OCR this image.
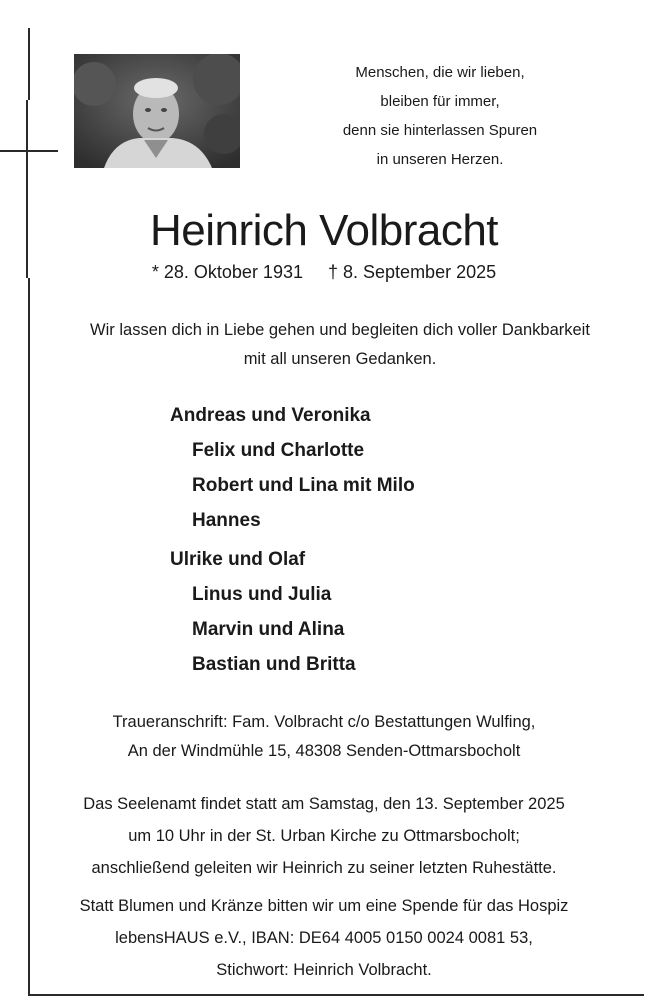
Menschen, die wir lieben,
bleiben für immer,
denn sie hinterlassen Spuren
in unseren Herzen.
Heinrich Volbracht
* 28. Oktober 1931 † 8. September 2025
Wir lassen dich in Liebe gehen und begleiten dich voller Dankbarkeit
mit all unseren Gedanken.
Andreas und Veronika
Felix und Charlotte
Robert und Lina mit Milo
Hannes
Ulrike und Olaf
Linus und Julia
Marvin und Alina
Bastian und Britta
Traueranschrift: Fam. Volbracht c/o Bestattungen Wulfing,
An der Windmühle 15, 48308 Senden-Ottmarsbocholt
Das Seelenamt findet statt am Samstag, den 13. September 2025
um 10 Uhr in der St. Urban Kirche zu Ottmarsbocholt;
anschließend geleiten wir Heinrich zu seiner letzten Ruhestätte.
Statt Blumen und Kränze bitten wir um eine Spende für das Hospiz
lebensHAUS e.V., IBAN: DE64 4005 0150 0024 0081 53,
Stichwort: Heinrich Volbracht.
